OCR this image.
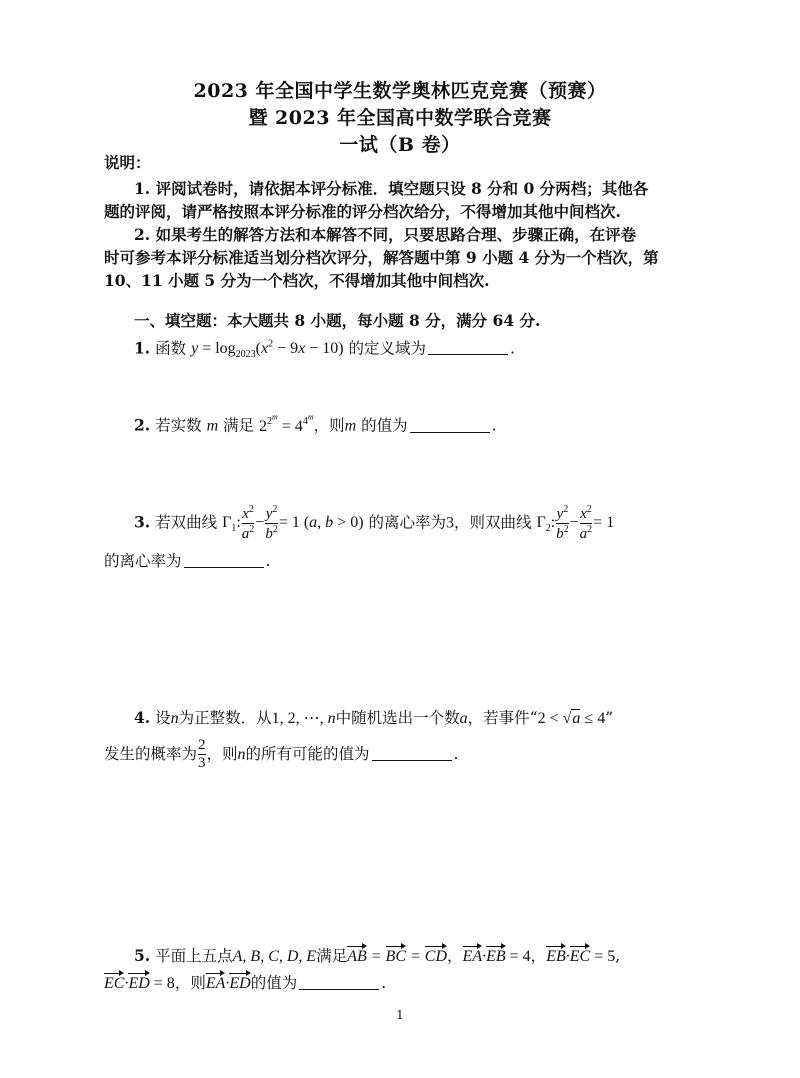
2023 年全国中学生数学奥林匹克竞赛（预赛）
暨 2023 年全国高中数学联合竞赛
一试（B 卷）
说明：
1. 评阅试卷时，请依据本评分标准．填空题只设 8 分和 0 分两档；其他各
题的评阅，请严格按照本评分标准的评分档次给分，不得增加其他中间档次.
2. 如果考生的解答方法和本解答不同，只要思路合理、步骤正确，在评卷
时可参考本评分标准适当划分档次评分，解答题中第 9 小题 4 分为一个档次，第
10、11 小题 5 分为一个档次，不得增加其他中间档次.
一、填空题：本大题共 8 小题，每小题 8 分，满分 64 分.
1. 函数 $y = \log_{2023}(x^2 - 9x - 10)$ 的定义域为	.
2. 若实数 m 满足 $2^{2^m} = 4^{4^m}$，则m 的值为	.
3. 若双曲线 $\Gamma_1$: $\frac{x^2}{a^2} - \frac{y^2}{b^2} = 1$ (a, b > 0) 的离心率为3，则双曲线 $\Gamma_2$: $\frac{y^2}{b^2} - \frac{x^2}{a^2} = 1$
的离心率为	.
4. 设n为正整数．从1, 2, ⋯, n中随机选出一个数a，若事件“2 < √a ≤ 4”
发生的概率为 $\frac{2}{3}$ ，则n的所有可能的值为	.
5. 平面上五点A, B, C, D, E满足AB = BC = CD，EA·EB = 4，EB·EC = 5,
EC·ED = 8，则EA·ED的值为	.
1
